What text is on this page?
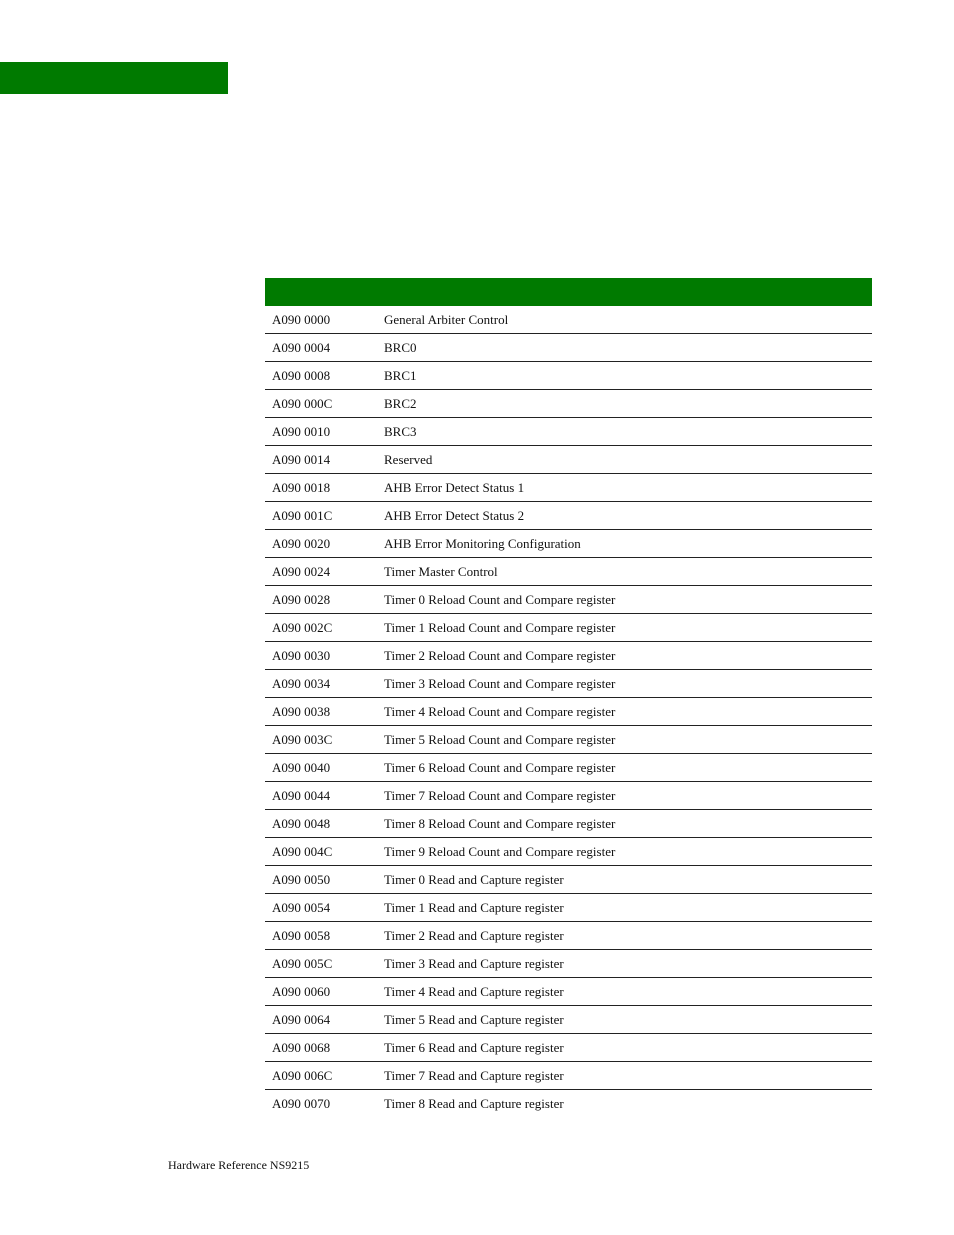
A090 0000	General Arbiter Control
A090 0004	BRC0
A090 0008	BRC1
A090 000C	BRC2
A090 0010	BRC3
A090 0014	Reserved
A090 0018	AHB Error Detect Status 1
A090 001C	AHB Error Detect Status 2
A090 0020	AHB Error Monitoring Configuration
A090 0024	Timer Master Control
A090 0028	Timer 0 Reload Count and Compare register
A090 002C	Timer 1 Reload Count and Compare register
A090 0030	Timer 2 Reload Count and Compare register
A090 0034	Timer 3 Reload Count and Compare register
A090 0038	Timer 4 Reload Count and Compare register
A090 003C	Timer 5 Reload Count and Compare register
A090 0040	Timer 6 Reload Count and Compare register
A090 0044	Timer 7 Reload Count and Compare register
A090 0048	Timer 8 Reload Count and Compare register
A090 004C	Timer 9 Reload Count and Compare register
A090 0050	Timer 0 Read and Capture register
A090 0054	Timer 1 Read and Capture register
A090 0058	Timer 2 Read and Capture register
A090 005C	Timer 3 Read and Capture register
A090 0060	Timer 4 Read and Capture register
A090 0064	Timer 5 Read and Capture register
A090 0068	Timer 6 Read and Capture register
A090 006C	Timer 7 Read and Capture register
A090 0070	Timer 8 Read and Capture register
Hardware Reference NS9215
